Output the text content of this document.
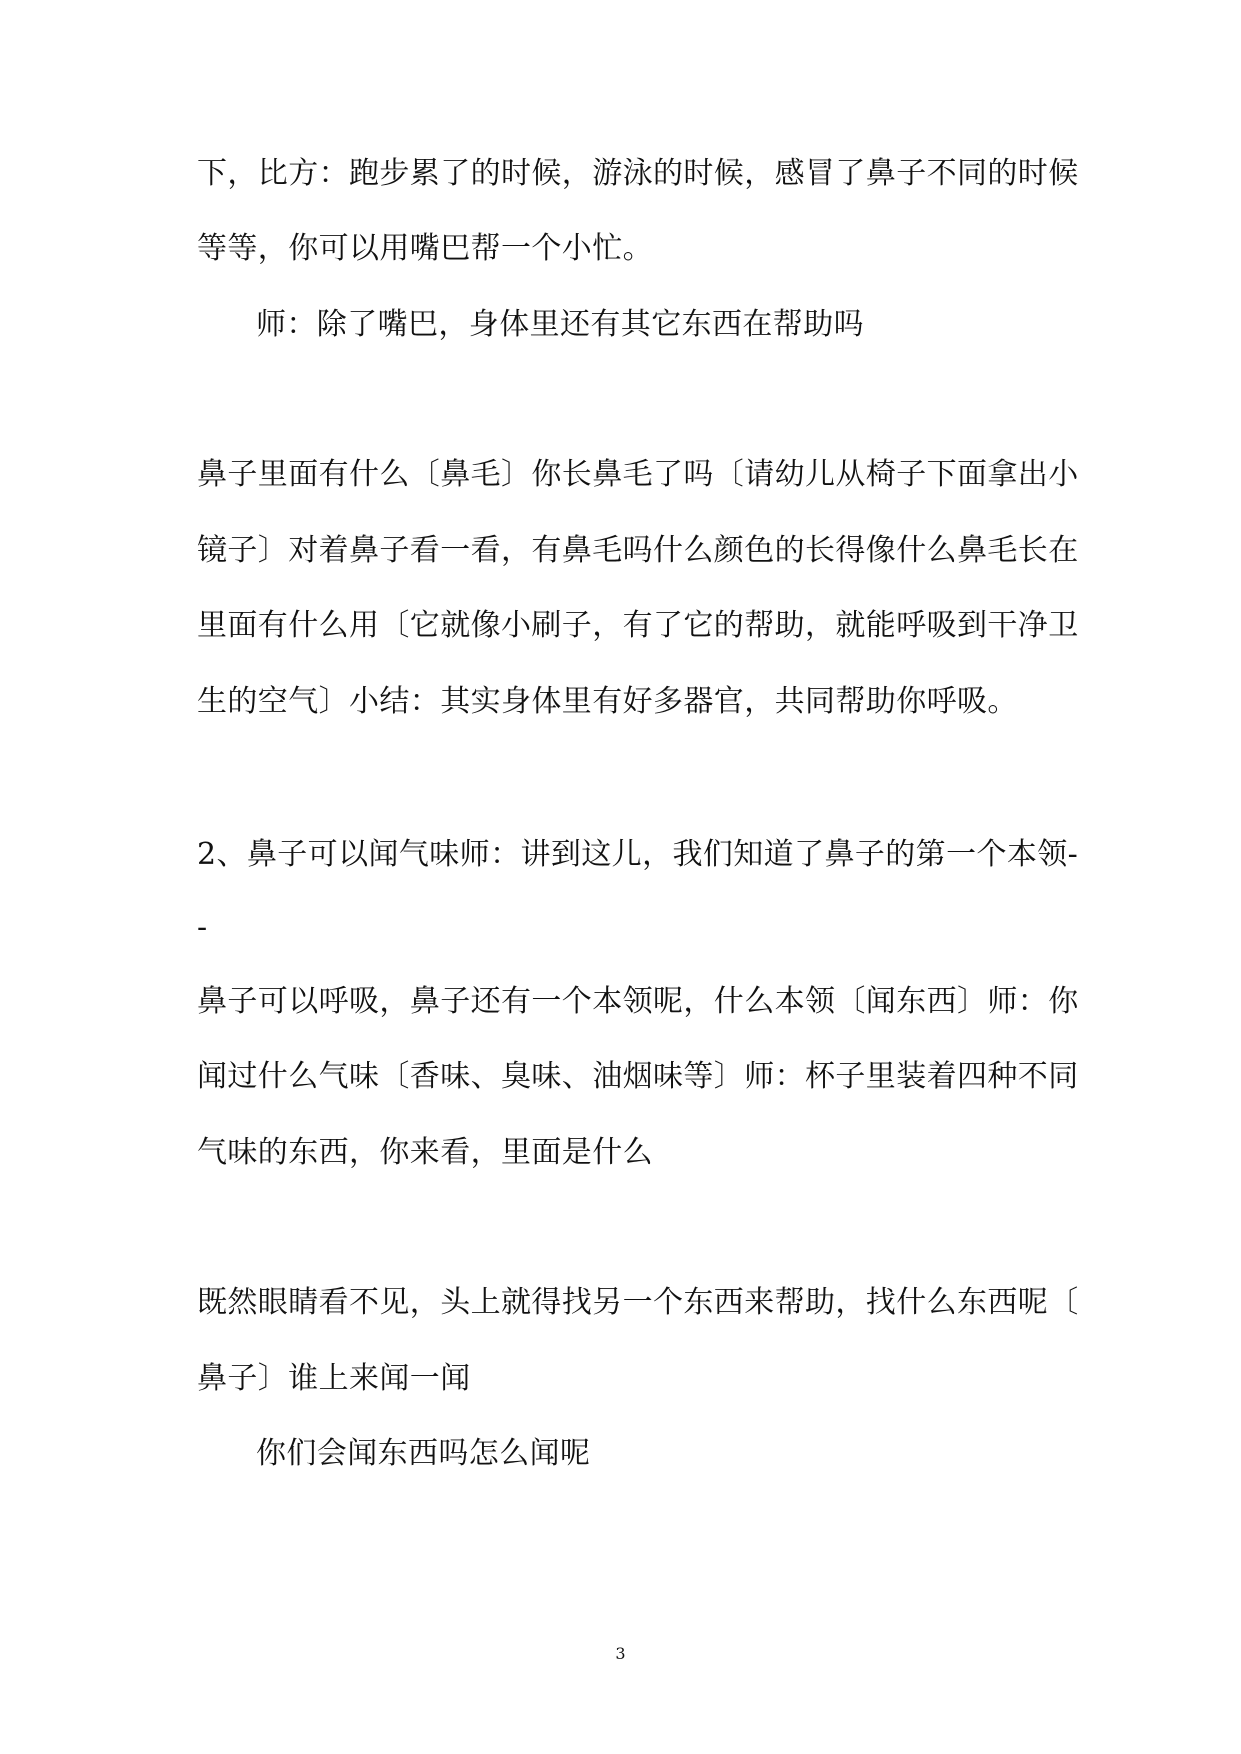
下，比方：跑步累了的时候，游泳的时候，感冒了鼻子不同的时候
等等，你可以用嘴巴帮一个小忙。
师：除了嘴巴，身体里还有其它东西在帮助吗
鼻子里面有什么〔鼻毛〕你长鼻毛了吗〔请幼儿从椅子下面拿出小
镜子〕对着鼻子看一看，有鼻毛吗什么颜色的长得像什么鼻毛长在
里面有什么用〔它就像小刷子，有了它的帮助，就能呼吸到干净卫
生的空气〕小结：其实身体里有好多器官，共同帮助你呼吸。
2、鼻子可以闻气味师：讲到这儿，我们知道了鼻子的第一个本领-
-
鼻子可以呼吸，鼻子还有一个本领呢，什么本领〔闻东西〕师：你
闻过什么气味〔香味、臭味、油烟味等〕师：杯子里装着四种不同
气味的东西，你来看，里面是什么
既然眼睛看不见，头上就得找另一个东西来帮助，找什么东西呢〔
鼻子〕谁上来闻一闻
你们会闻东西吗怎么闻呢
3
